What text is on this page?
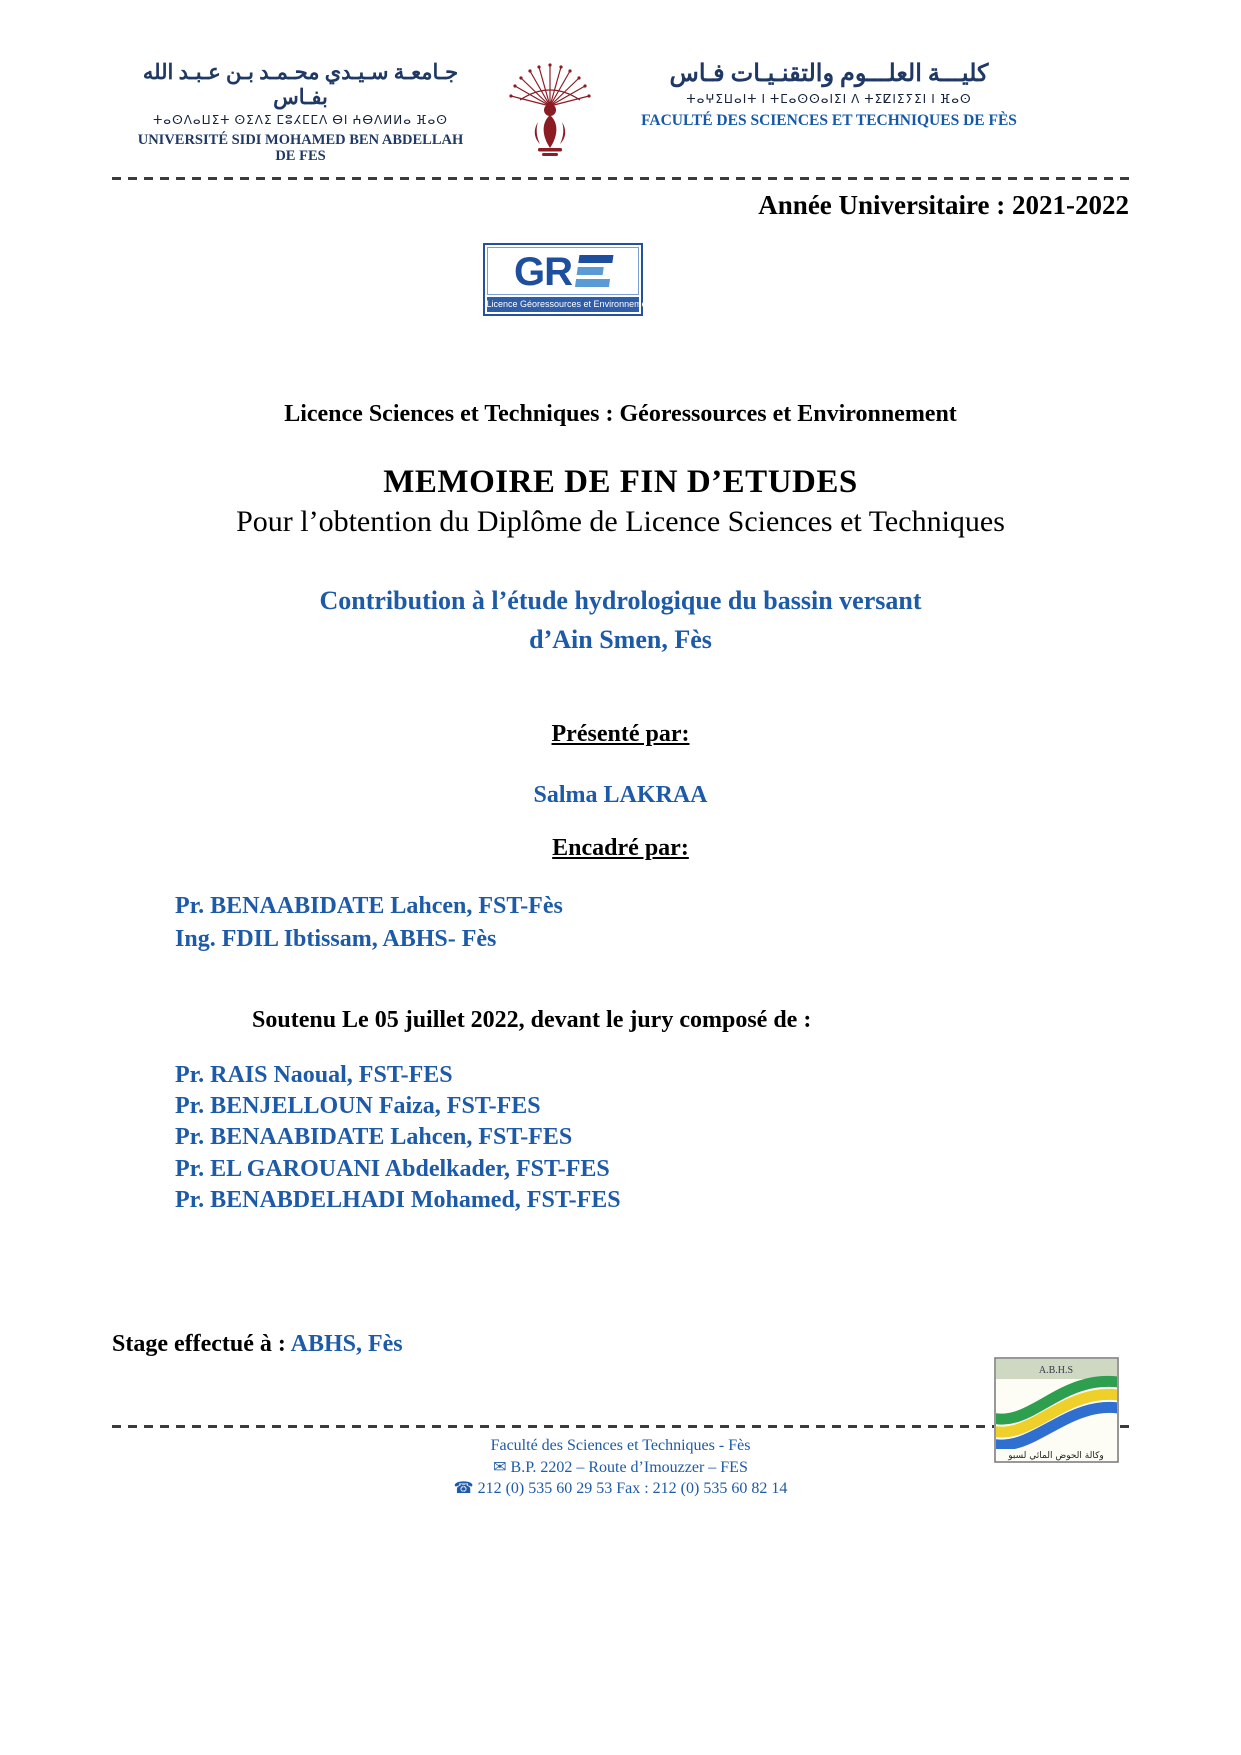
جـامعـة سـيـدي محـمـد بـن عـبـد الله بفـاس
ⵜⴰⵙⴷⴰⵡⵉⵜ ⵙⵉⴷⵉ ⵎⵓⵃⵎⵎⴷ ⴱⵏ ⵄⴱⴷⵍⵍⴰ ⴼⴰⵙ
UNIVERSITÉ SIDI MOHAMED BEN ABDELLAH DE FES
كليـــة العلـــوم والتقنـيـات فـاس
ⵜⴰⵖⵉⵡⴰⵏⵜ ⵏ ⵜⵎⴰⵙⵙⴰⵏⵉⵏ ⴷ ⵜⵉⵇⵏⵉⵢⵉⵏ ⵏ ⴼⴰⵙ
FACULTÉ DES SCIENCES ET TECHNIQUES DE FÈS
Année Universitaire : 2021-2022
GR
Licence Géoressources et Environnement
Licence Sciences et Techniques : Géoressources et Environnement
MEMOIRE DE FIN D’ETUDES
Pour l’obtention du Diplôme de Licence Sciences et Techniques
Contribution à l’étude hydrologique du bassin versant
d’Ain Smen, Fès
Présenté par:
Salma LAKRAA
Encadré par:
Pr. BENAABIDATE Lahcen, FST-Fès
Ing. FDIL Ibtissam, ABHS- Fès
Soutenu Le 05 juillet 2022, devant le jury composé de :
Pr. RAIS Naoual, FST-FES
Pr. BENJELLOUN Faiza, FST-FES
Pr. BENAABIDATE Lahcen, FST-FES
Pr. EL GAROUANI Abdelkader, FST-FES
Pr. BENABDELHADI Mohamed, FST-FES
Stage effectué à : ABHS, Fès
Faculté des Sciences et Techniques - Fès
✉ B.P. 2202 – Route d’Imouzzer – FES
☎ 212 (0) 535 60 29 53 Fax : 212 (0) 535 60 82 14
A.B.H.S
وكالة الحوض المائي لسبو
